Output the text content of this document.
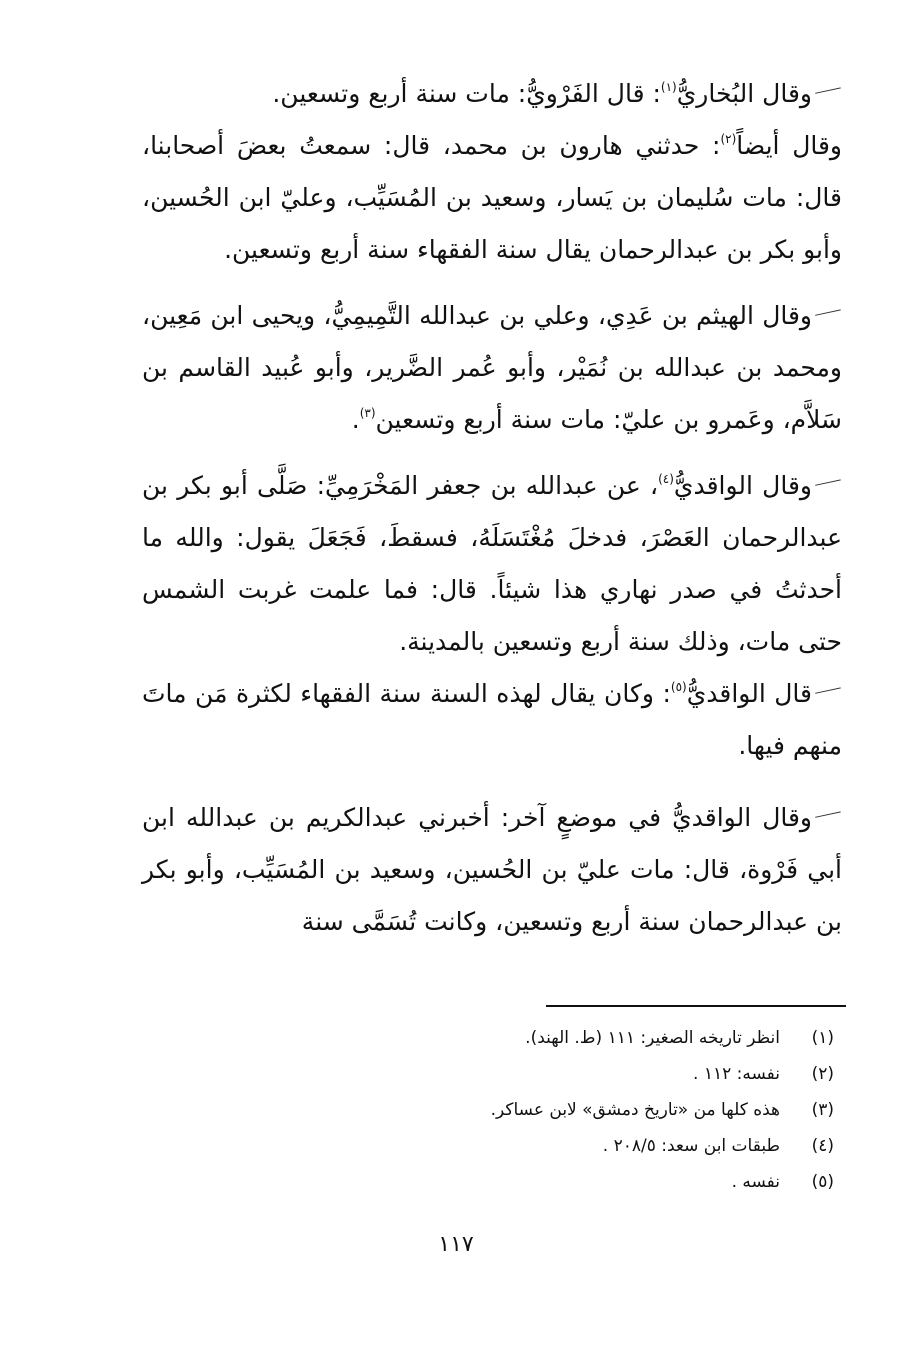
وقال البُخاريُّ$^{(١)}$: قال الفَرْويُّ: مات سنة أربع وتسعين.

وقال أيضاً$^{(٢)}$: حدثني هارون بن محمد، قال: سمعتُ بعضَ أصحابنا، قال: مات سُليمان بن يَسار، وسعيد بن المُسَيِّب، وعليّ ابن الحُسين، وأبو بكر بن عبدالرحمان يقال سنة الفقهاء سنة أربع وتسعين.

وقال الهيثم بن عَدِي، وعلي بن عبدالله التَّمِيمِيُّ، ويحيى ابن مَعِين، ومحمد بن عبدالله بن نُمَيْر، وأبو عُمر الضَّرير، وأبو عُبيد القاسم بن سَلاَّم، وعَمرو بن عليّ: مات سنة أربع وتسعين$^{(٣)}$.

وقال الواقديُّ$^{(٤)}$، عن عبدالله بن جعفر المَخْرَمِيِّ: صَلَّى أبو بكر بن عبدالرحمان العَصْرَ، فدخلَ مُغْتَسَلَهُ، فسقطَ، فَجَعَلَ يقول: والله ما أحدثتُ في صدر نهاري هذا شيئاً. قال: فما علمت غربت الشمس حتى مات، وذلك سنة أربع وتسعين بالمدينة.

قال الواقديُّ$^{(٥)}$: وكان يقال لهذه السنة سنة الفقهاء لكثرة مَن ماتَ منهم فيها.

وقال الواقديُّ في موضعٍ آخر: أخبرني عبدالكريم بن عبدالله ابن أبي فَرْوة، قال: مات عليّ بن الحُسين، وسعيد بن المُسَيِّب، وأبو بكر بن عبدالرحمان سنة أربع وتسعين، وكانت تُسَمَّى سنة

(١)
انظر تاريخه الصغير: ١١١ (ط. الهند).
(٢)
نفسه: ١١٢ .
(٣)
هذه كلها من «تاريخ دمشق» لابن عساكر.
(٤)
طبقات ابن سعد: ٢٠٨/٥ .
(٥)
نفسه .
١١٧
